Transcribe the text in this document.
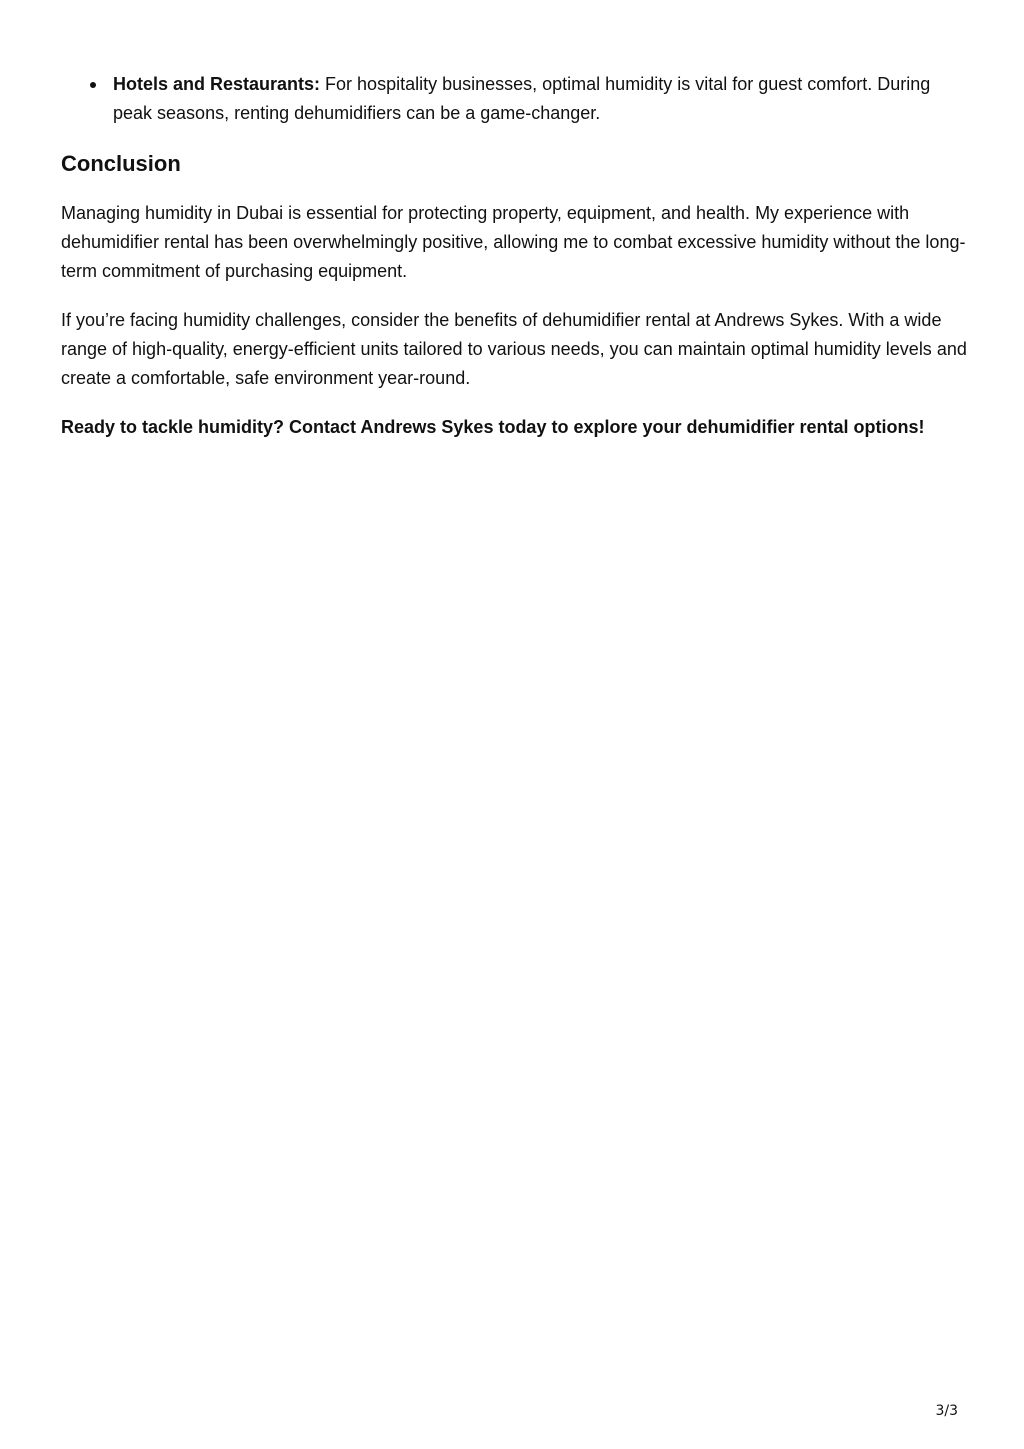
Hotels and Restaurants: For hospitality businesses, optimal humidity is vital for guest comfort. During peak seasons, renting dehumidifiers can be a game-changer.
Conclusion

Managing humidity in Dubai is essential for protecting property, equipment, and health. My experience with dehumidifier rental has been overwhelmingly positive, allowing me to combat excessive humidity without the long-term commitment of purchasing equipment.

If you’re facing humidity challenges, consider the benefits of dehumidifier rental at Andrews Sykes. With a wide range of high-quality, energy-efficient units tailored to various needs, you can maintain optimal humidity levels and create a comfortable, safe environment year-round.

Ready to tackle humidity? Contact Andrews Sykes today to explore your dehumidifier rental options!

3/3
